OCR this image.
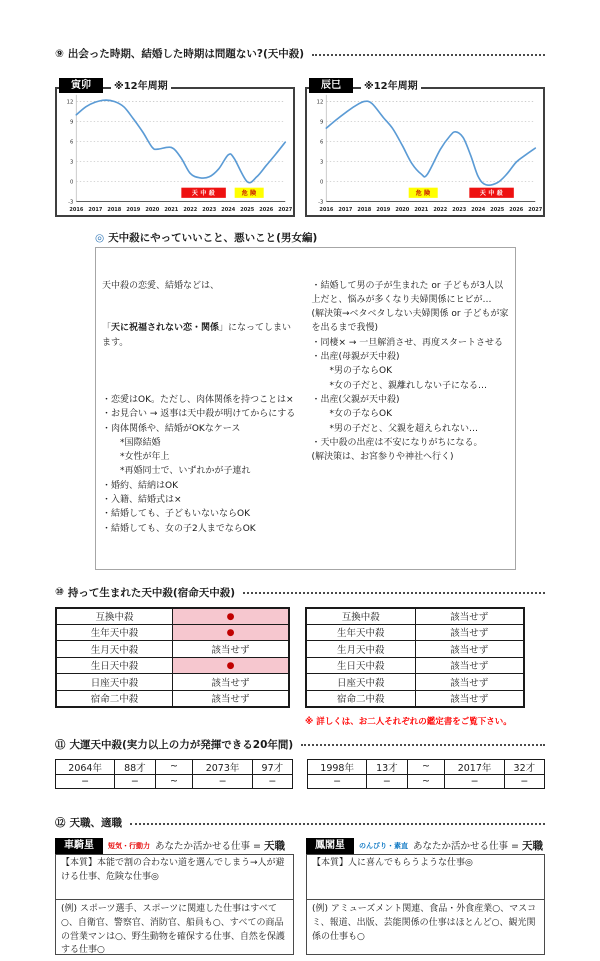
⑨ 出会った時期、結婚した時期は問題ない?(天中殺)
寅卯	※12年周期
-3
0
3
6
9
12
2016 2017 2018 2019 2020 2021 2022 2023 2024 2025 2026 2027
天中殺	危険
辰巳	※12年周期
-3
0
3
6
9
12
2016 2017 2018 2019 2020 2021 2022 2023 2024 2025 2026 2027
危険	天中殺
◎ 天中殺にやっていいこと、悪いこと(男女編)

天中殺の恋愛、結婚などは、

「天に祝福されない恋・関係」になってしまいます。

・恋愛はOK。ただし、肉体関係を持つことは×
・お見合い → 返事は天中殺が明けてからにする
・肉体関係や、結婚がOKなケース
　　*国際結婚
　　*女性が年上
　　*再婚同士で、いずれかが子連れ
・婚約、結納はOK
・入籍、結婚式は×
・結婚しても、子どもいないならOK
・結婚しても、女の子2人までならOK

・結婚して男の子が生まれた or 子どもが3人以上だと、悩みが多くなり夫婦関係にヒビが…
(解決策→ベタベタしない夫婦関係 or 子どもが家を出るまで我慢)
・同棲× → 一旦解消させ、再度スタートさせる
・出産(母親が天中殺)
　　*男の子ならOK
　　*女の子だと、親離れしない子になる…
・出産(父親が天中殺)
　　*女の子ならOK
　　*男の子だと、父親を超えられない…
・天中殺の出産は不安になりがちになる。
(解決策は、お宮参りや神社へ行く)

⑩ 持って生まれた天中殺(宿命天中殺)
互換中殺	●
生年天中殺	●
生月天中殺	該当せず
生日天中殺	●
日座天中殺	該当せず
宿命二中殺	該当せず
互換中殺	該当せず
生年天中殺	該当せず
生月天中殺	該当せず
生日天中殺	該当せず
日座天中殺	該当せず
宿命二中殺	該当せず
※ 詳しくは、お二人それぞれの鑑定書をご覧下さい。
⑪ 大運天中殺(実力以上の力が発揮できる20年間)
2064年	88才	~	2073年	97才
−	−	~	−	−
1998年	13才	~	2017年	32才
−	−	~	−	−
⑫ 天職、適職
車騎星	短気・行動力 あなたか活かせる仕事 = 天職
【本質】本能で割の合わない道を選んでしまう→人が避ける仕事、危険な仕事◎
(例) スポーツ選手、スポーツに関連した仕事はすべて○、自衛官、警察官、消防官、船員も○、すべての商品の営業マンは○、野生動物を確保する仕事、自然を保護する仕事○
鳳閣星	のんびり・素直 あなたか活かせる仕事 = 天職
【本質】人に喜んでもらうような仕事◎
(例) アミューズメント関連、食品・外食産業○、マスコミ、報道、出版、芸能関係の仕事はほとんど○、観光関係の仕事も○
